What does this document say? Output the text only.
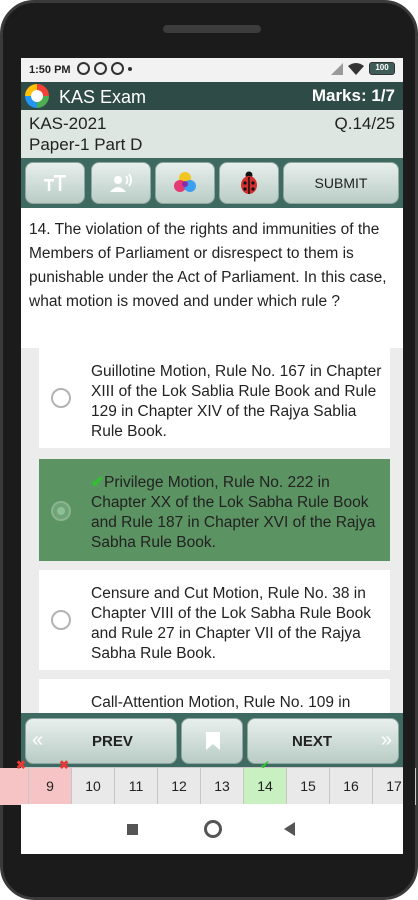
1:50 PM	100
KAS Exam	Marks: 1/7
KAS-2021	Q.14/25
Paper-1 Part D
SUBMIT
14. The violation of the rights and immunities of the Members of Parliament or disrespect to them is punishable under the Act of Parliament. In this case, what motion is moved and under which rule ?
Guillotine Motion, Rule No. 167 in Chapter XIII of the Lok Sablia Rule Book and Rule 129 in Chapter XIV of the Rajya Sablia Rule Book.
✔Privilege Motion, Rule No. 222 in Chapter XX of the Lok Sabha Rule Book and Rule 187 in Chapter XVI of the Rajya Sabha Rule Book.
Censure and Cut Motion, Rule No. 38 in Chapter VIII of the Lok Sabha Rule Book and Rule 27 in Chapter VII of the Rajya Sabha Rule Book.
Call-Attention Motion, Rule No. 109 in
«	PREV	NEXT »
✖
9
✖
10	11	12	13	14
✔
15	16	17
